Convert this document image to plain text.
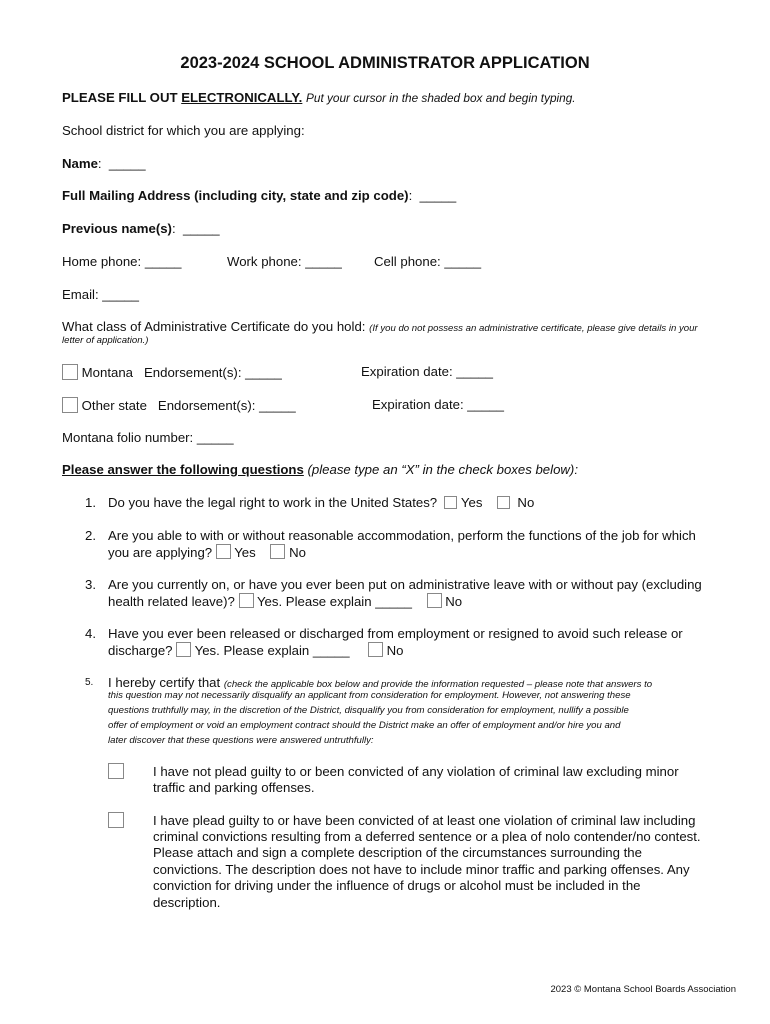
2023-2024 SCHOOL ADMINISTRATOR APPLICATION
PLEASE FILL OUT ELECTRONICALLY. Put your cursor in the shaded box and begin typing.
School district for which you are applying:
Name: _____
Full Mailing Address (including city, state and zip code): _____
Previous name(s): _____
Home phone: _____	Work phone: _____ Cell phone: _____
Email: _____
What class of Administrative Certificate do you hold: (If you do not possess an administrative certificate, please give details in your
letter of application.)
Montana Endorsement(s): _____	Expiration date: _____
Other state Endorsement(s): _____	Expiration date: _____
Montana folio number: _____
Please answer the following questions (please type an “X” in the check boxes below):
1. Do you have the legal right to work in the United States? Yes	No
2. Are you able to with or without reasonable accommodation, perform the functions of the job for which
you are applying? Yes	No
3. Are you currently on, or have you ever been put on administrative leave with or without pay (excluding
health related leave)? Yes. Please explain _____	No
4. Have you ever been released or discharged from employment or resigned to avoid such release or
discharge? Yes. Please explain _____	No
5. I hereby certify that (check the applicable box below and provide the information requested – please note that answers to
this question may not necessarily disqualify an applicant from consideration for employment. However, not answering these
questions truthfully may, in the discretion of the District, disqualify you from consideration for employment, nullify a possible
offer of employment or void an employment contract should the District make an offer of employment and/or hire you and
later discover that these questions were answered untruthfully:
I have not plead guilty to or been convicted of any violation of criminal law excluding minor
traffic and parking offenses.
I have plead guilty to or have been convicted of at least one violation of criminal law including
criminal convictions resulting from a deferred sentence or a plea of nolo contender/no contest.
Please attach and sign a complete description of the circumstances surrounding the
convictions. The description does not have to include minor traffic and parking offenses. Any
conviction for driving under the influence of drugs or alcohol must be included in the
description.
2023 © Montana School Boards Association
